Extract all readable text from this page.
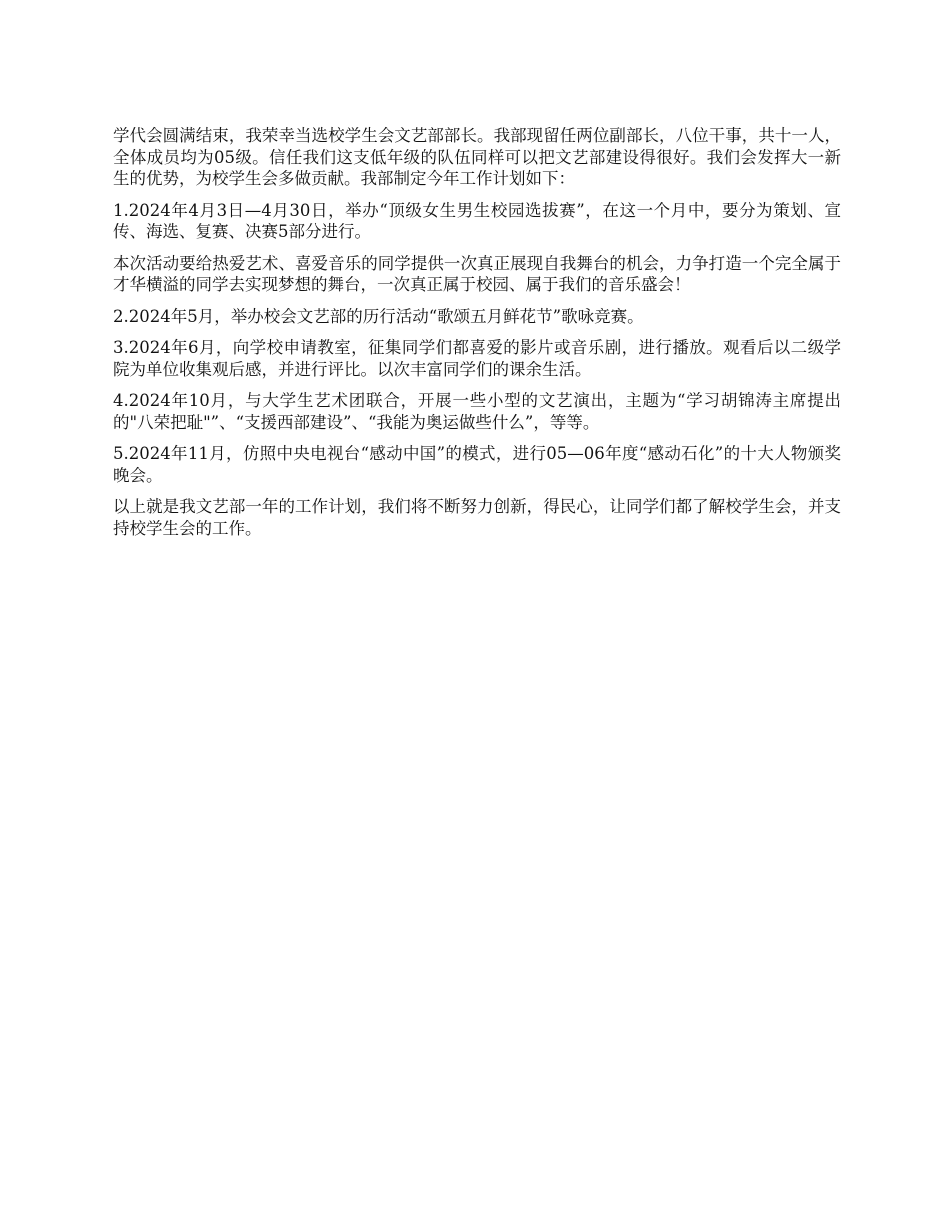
学代会圆满结束，我荣幸当选校学生会文艺部部长。我部现留任两位副部长，八位干事，共十一人，全体成员均为05级。信任我们这支低年级的队伍同样可以把文艺部建设得很好。我们会发挥大一新生的优势，为校学生会多做贡献。我部制定今年工作计划如下：

1.2024年4月3日—4月30日，举办“顶级女生男生校园选拔赛”，在这一个月中，要分为策划、宣传、海选、复赛、决赛5部分进行。

本次活动要给热爱艺术、喜爱音乐的同学提供一次真正展现自我舞台的机会，力争打造一个完全属于才华横溢的同学去实现梦想的舞台，一次真正属于校园、属于我们的音乐盛会！

2.2024年5月，举办校会文艺部的历行活动“歌颂五月鲜花节”歌咏竞赛。

3.2024年6月，向学校申请教室，征集同学们都喜爱的影片或音乐剧，进行播放。观看后以二级学院为单位收集观后感，并进行评比。以次丰富同学们的课余生活。

4.2024年10月，与大学生艺术团联合，开展一些小型的文艺演出，主题为“学习胡锦涛主席提出的"八荣把耻"”、“支援西部建设”、“我能为奥运做些什么”，等等。

5.2024年11月，仿照中央电视台“感动中国”的模式，进行05—06年度“感动石化”的十大人物颁奖晚会。

以上就是我文艺部一年的工作计划，我们将不断努力创新，得民心，让同学们都了解校学生会，并支持校学生会的工作。
